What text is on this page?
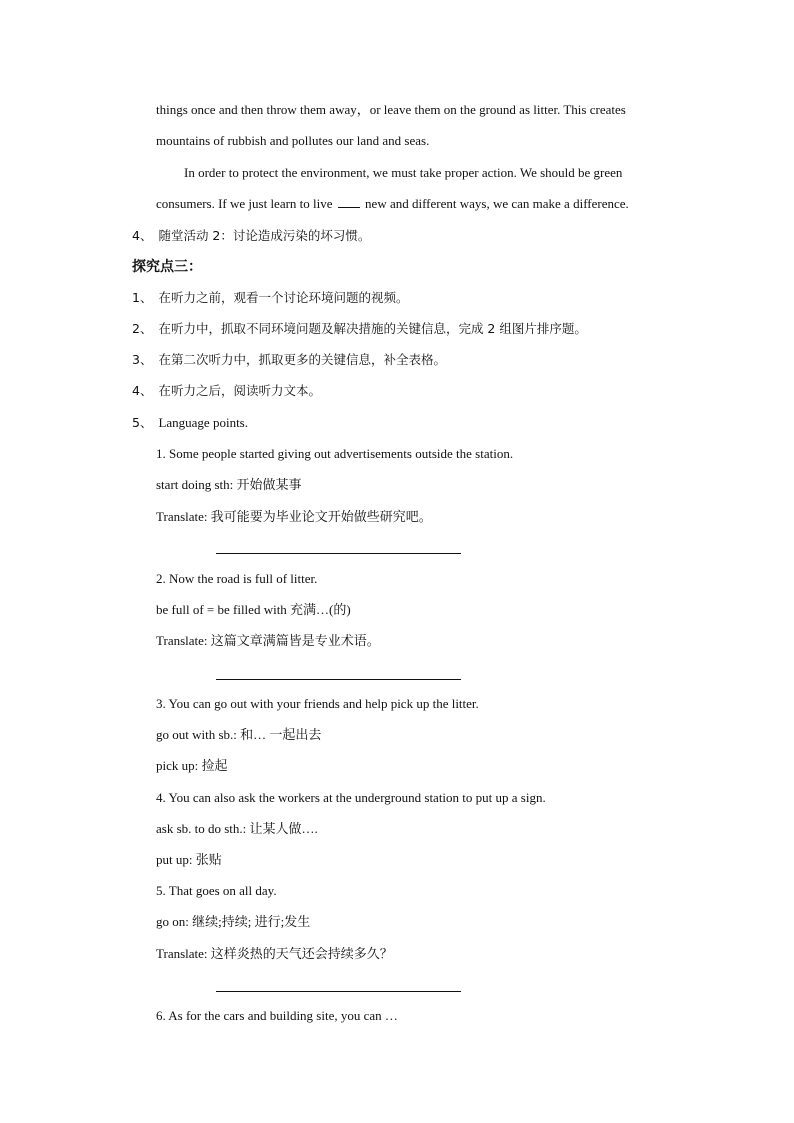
things once and then throw them away，or leave them on the ground as litter. This creates
mountains of rubbish and pollutes our land and seas.
In order to protect the environment, we must take proper action. We should be green
consumers. If we just learn to live	new and different ways, we can make a difference.
4、 随堂活动 2：讨论造成污染的坏习惯。
探究点三：
1、 在听力之前，观看一个讨论环境问题的视频。
2、 在听力中，抓取不同环境问题及解决措施的关键信息，完成 2 组图片排序题。
3、 在第二次听力中，抓取更多的关键信息，补全表格。
4、 在听力之后，阅读听力文本。
5、 Language points.
1. Some people started giving out advertisements outside the station.
start doing sth: 开始做某事
Translate: 我可能要为毕业论文开始做些研究吧。
2. Now the road is full of litter.
be full of = be filled with 充满…(的)
Translate: 这篇文章满篇皆是专业术语。
3. You can go out with your friends and help pick up the litter.
go out with sb.: 和… 一起出去
pick up: 捡起
4. You can also ask the workers at the underground station to put up a sign.
ask sb. to do sth.: 让某人做….
put up: 张贴
5. That goes on all day.
go on: 继续;持续; 进行;发生
Translate: 这样炎热的天气还会持续多久？
6. As for the cars and building site, you can …
